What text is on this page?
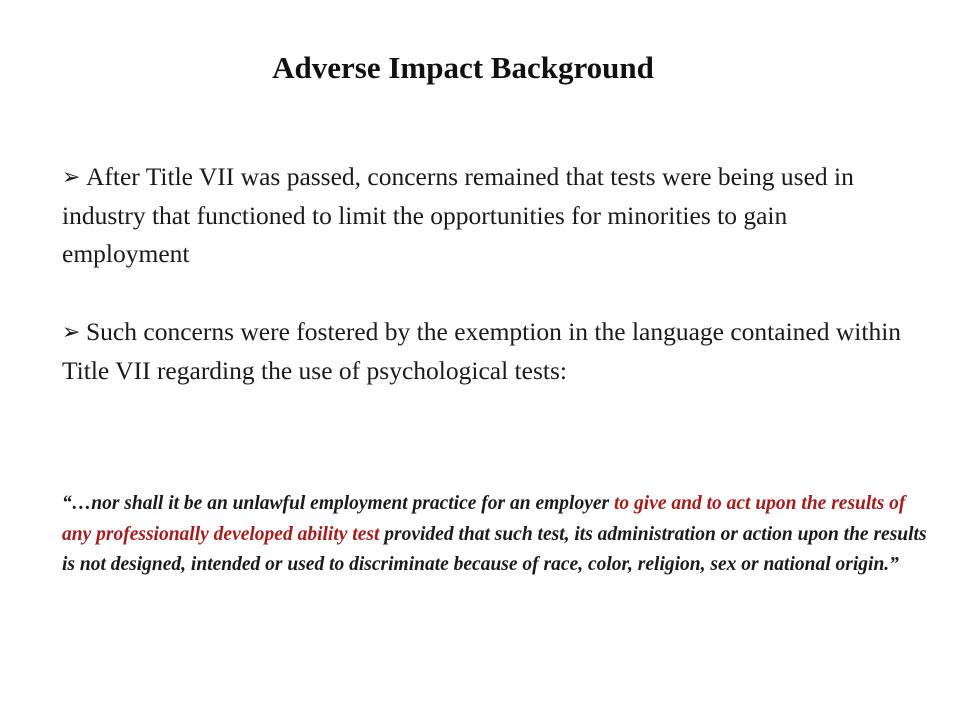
Adverse Impact Background
➢ After Title VII was passed, concerns remained that tests were being used in industry that functioned to limit the opportunities for minorities to gain employment
➢ Such concerns were fostered by the exemption in the language contained within Title VII regarding the use of psychological tests:
“…nor shall it be an unlawful employment practice for an employer to give and to act upon the results of any professionally developed ability test provided that such test, its administration or action upon the results is not designed, intended or used to discriminate because of race, color, religion, sex or national origin.”
